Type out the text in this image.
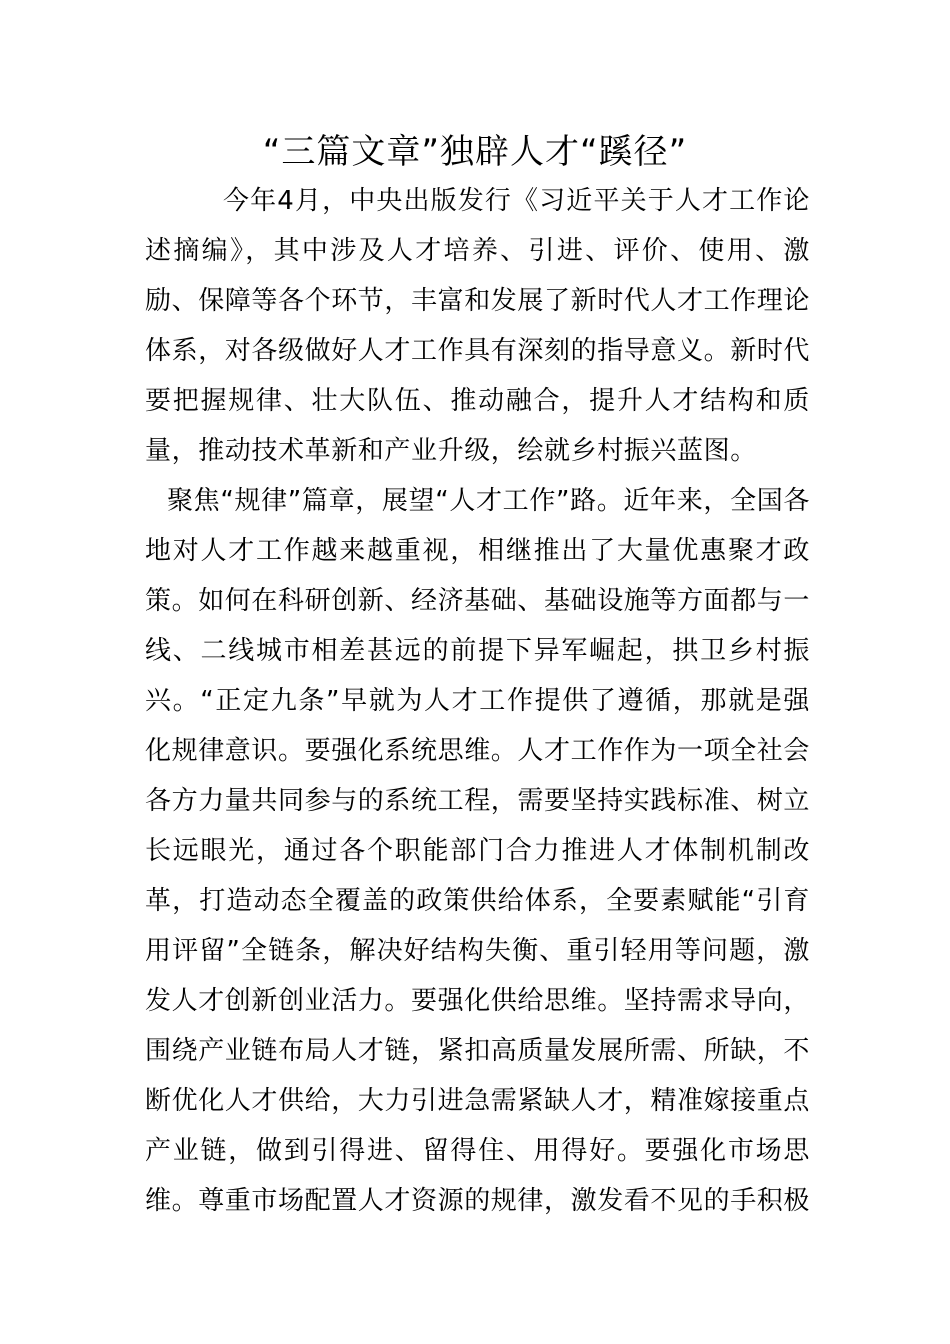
“三篇文章”独辟人才“蹊径”

今年4月，中央出版发行《习近平关于人才工作论述摘编》，其中涉及人才培养、引进、评价、使用、激励、保障等各个环节，丰富和发展了新时代人才工作理论体系，对各级做好人才工作具有深刻的指导意义。新时代要把握规律、壮大队伍、推动融合，提升人才结构和质量，推动技术革新和产业升级，绘就乡村振兴蓝图。

聚焦“规律”篇章，展望“人才工作”路。近年来，全国各地对人才工作越来越重视，相继推出了大量优惠聚才政策。如何在科研创新、经济基础、基础设施等方面都与一线、二线城市相差甚远的前提下异军崛起，拱卫乡村振兴。“正定九条”早就为人才工作提供了遵循，那就是强化规律意识。要强化系统思维。人才工作作为一项全社会各方力量共同参与的系统工程，需要坚持实践标准、树立长远眼光，通过各个职能部门合力推进人才体制机制改革，打造动态全覆盖的政策供给体系，全要素赋能“引育用评留”全链条，解决好结构失衡、重引轻用等问题，激发人才创新创业活力。要强化供给思维。坚持需求导向，围绕产业链布局人才链，紧扣高质量发展所需、所缺，不断优化人才供给，大力引进急需紧缺人才，精准嫁接重点产业链，做到引得进、留得住、用得好。要强化市场思维。尊重市场配置人才资源的规律，激发看不见的手积极
